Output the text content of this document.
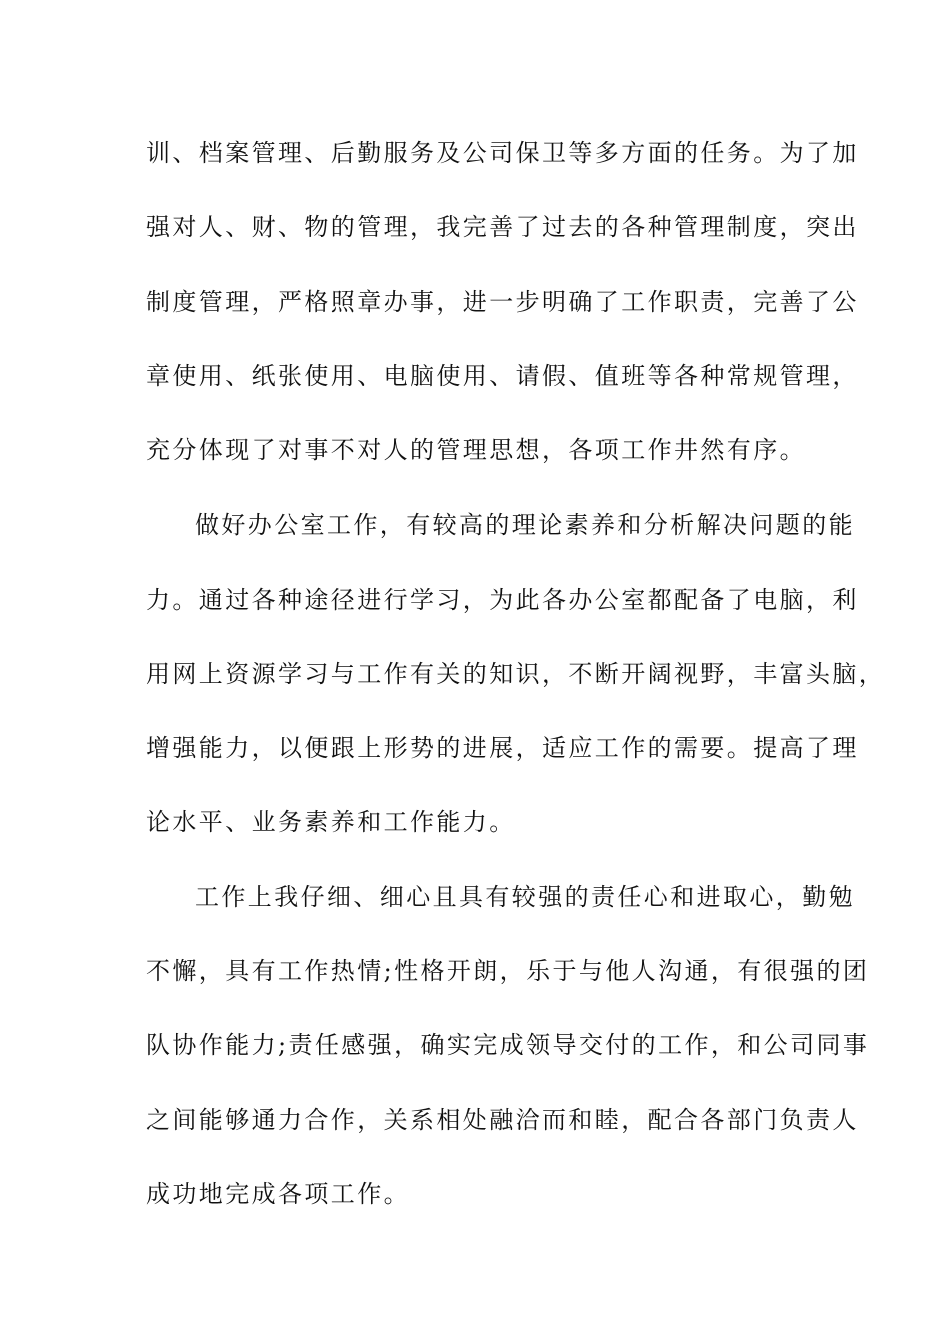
训、档案管理、后勤服务及公司保卫等多方面的任务。为了加
强对人、财、物的管理，我完善了过去的各种管理制度，突出
制度管理，严格照章办事，进一步明确了工作职责，完善了公
章使用、纸张使用、电脑使用、请假、值班等各种常规管理，
充分体现了对事不对人的管理思想，各项工作井然有序。
做好办公室工作，有较高的理论素养和分析解决问题的能
力。通过各种途径进行学习，为此各办公室都配备了电脑，利
用网上资源学习与工作有关的知识，不断开阔视野，丰富头脑，
增强能力，以便跟上形势的进展，适应工作的需要。提高了理
论水平、业务素养和工作能力。
工作上我仔细、细心且具有较强的责任心和进取心，勤勉
不懈，具有工作热情;性格开朗，乐于与他人沟通，有很强的团
队协作能力;责任感强，确实完成领导交付的工作，和公司同事
之间能够通力合作，关系相处融洽而和睦，配合各部门负责人
成功地完成各项工作。
